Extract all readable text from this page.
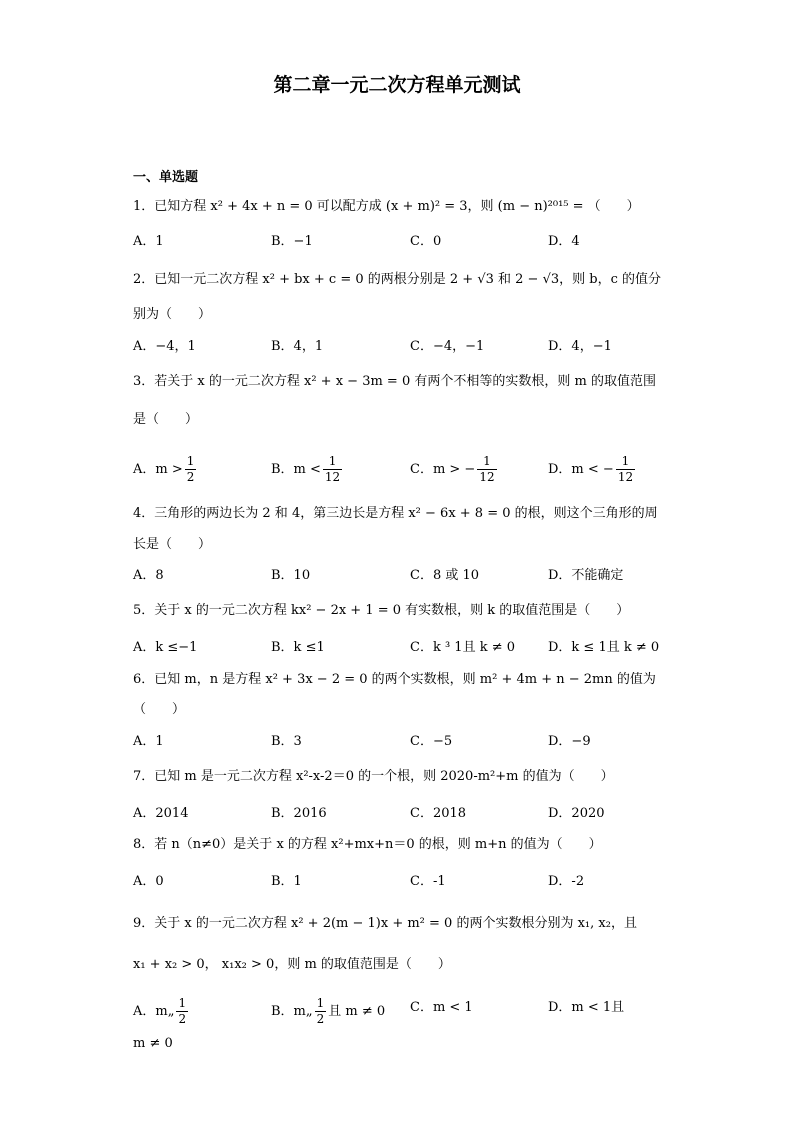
第二章一元二次方程单元测试
一、单选题
1．已知方程 x² + 4x + n = 0 可以配方成 (x + m)² = 3，则 (m − n)²⁰¹⁵ = （　　）
A．1	B．−1	C．0	D．4
2．已知一元二次方程 x² + bx + c = 0 的两根分别是 2 + √3 和 2 − √3，则 b，c 的值分
别为（　　）
A．−4，1	B．4，1	C．−4，−1	D．4，−1
3．若关于 x 的一元二次方程 x² + x − 3m = 0 有两个不相等的实数根，则 m 的取值范围
是（　　）
A．$m > \frac{1}{2}$	B．$m < \frac{1}{12}$	C．m > − $\frac{1}{12}$	D．m < − $\frac{1}{12}$
4．三角形的两边长为 2 和 4，第三边长是方程 x² − 6x + 8 = 0 的根，则这个三角形的周
长是（　　）
A．8	B．10	C．8 或 10	D．不能确定
5．关于 x 的一元二次方程 kx² − 2x + 1 = 0 有实数根，则 k 的取值范围是（　　）
A．k ≤−1	B．k ≤1	C．k ³ 1且 k ≠ 0	D．k ≤ 1且 k ≠ 0
6．已知 m，n 是方程 x² + 3x − 2 = 0 的两个实数根，则 m² + 4m + n − 2mn 的值为
（　　）
A．1	B．3	C．−5	D．−9
7．已知 m 是一元二次方程 x²-x-2＝0 的一个根，则 2020-m²+m 的值为（　　）
A．2014	B．2016	C．2018	D．2020
8．若 n（n≠0）是关于 x 的方程 x²+mx+n＝0 的根，则 m+n 的值为（　　）
A．0	B．1	C．-1	D．-2
9．关于 x 的一元二次方程 x² + 2(m − 1)x + m² = 0 的两个实数根分别为 x₁, x₂，且
x₁ + x₂ > 0， x₁x₂ > 0，则 m 的取值范围是（　　）
A．m„ $\frac{1}{2}$	B．m„ $\frac{1}{2}$ 且 m ≠ 0 C．m < 1	D．m < 1且
m ≠ 0
